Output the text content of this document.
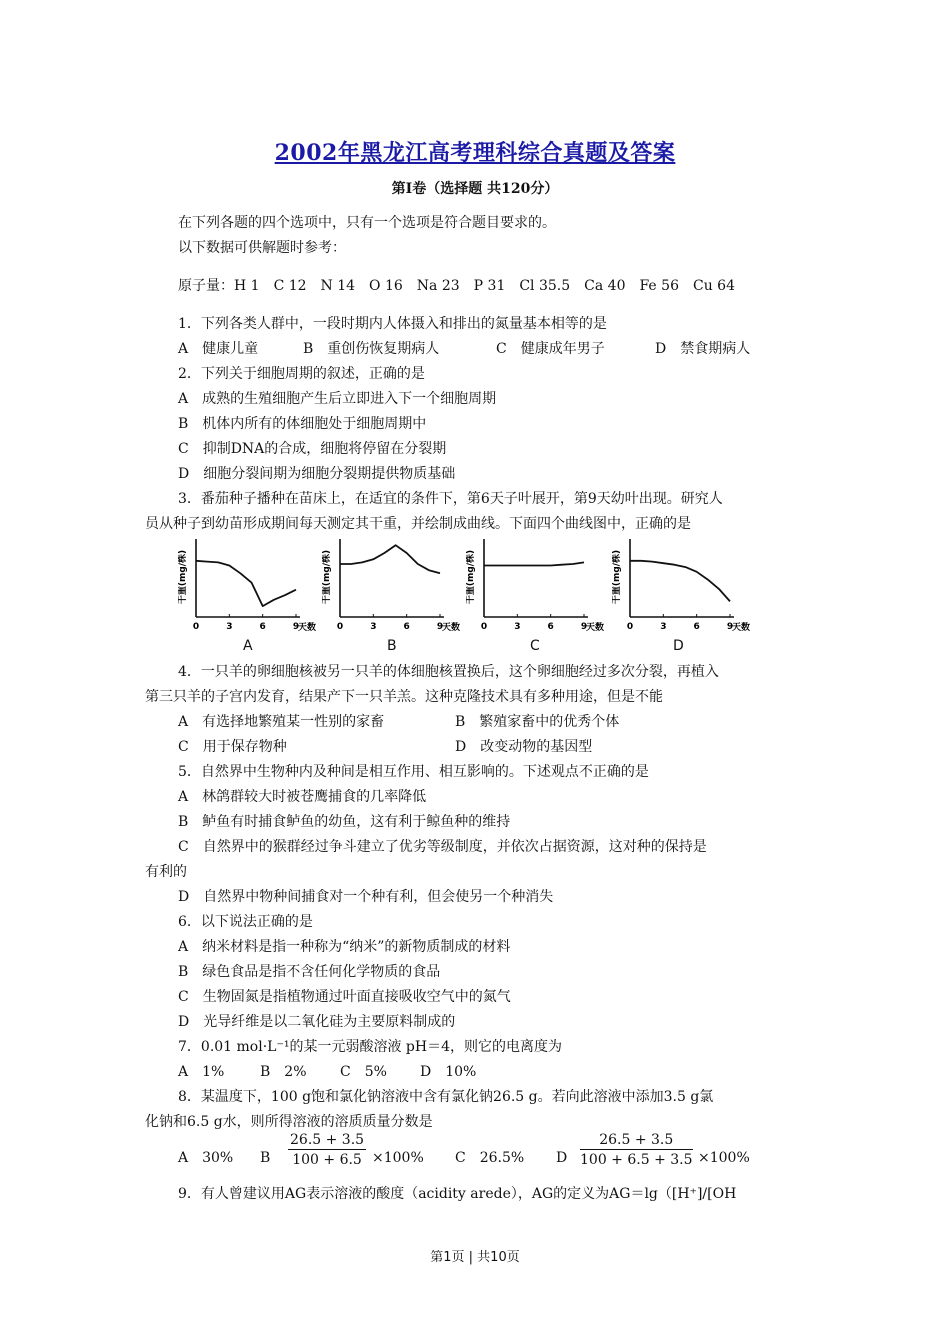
2002年黑龙江高考理科综合真题及答案
第Ⅰ卷（选择题 共120分）
在下列各题的四个选项中，只有一个选项是符合题目要求的。
以下数据可供解题时参考：
原子量：H 1　C 12　N 14　O 16　Na 23　P 31　Cl 35.5　Ca 40　Fe 56　Cu 64
1．下列各类人群中，一段时期内人体摄入和排出的氮量基本相等的是
A　健康儿童	B　重创伤恢复期病人	C　健康成年男子	D　禁食期病人
2．下列关于细胞周期的叙述，正确的是
A　成熟的生殖细胞产生后立即进入下一个细胞周期
B　机体内所有的体细胞处于细胞周期中
C　抑制DNA的合成，细胞将停留在分裂期
D　细胞分裂间期为细胞分裂期提供物质基础
3．番茄种子播种在苗床上，在适宜的条件下，第6天子叶展开，第9天幼叶出现。研究人
员从种子到幼苗形成期间每天测定其干重，并绘制成曲线。下面四个曲线图中，正确的是
干重(mg/株)
0	3	6	9
天数
干重(mg/株)
0	3	6	9
天数
干重(mg/株)
0	3	6	9
天数
干重(mg/株)
0	3	6	9
天数
A	B	C	D
4．一只羊的卵细胞核被另一只羊的体细胞核置换后，这个卵细胞经过多次分裂，再植入
第三只羊的子宫内发育，结果产下一只羊羔。这种克隆技术具有多种用途，但是不能
A　有选择地繁殖某一性别的家畜	B　繁殖家畜中的优秀个体
C　用于保存物种	D　改变动物的基因型
5．自然界中生物种内及种间是相互作用、相互影响的。下述观点不正确的是
A　林鸽群较大时被苍鹰捕食的几率降低
B　鲈鱼有时捕食鲈鱼的幼鱼，这有利于鲸鱼种的维持
C　自然界中的猴群经过争斗建立了优劣等级制度，并依次占据资源，这对种的保持是
有利的
D　自然界中物种间捕食对一个种有利，但会使另一个种消失
6．以下说法正确的是
A　纳米材料是指一种称为“纳米”的新物质制成的材料
B　绿色食品是指不含任何化学物质的食品
C　生物固氮是指植物通过叶面直接吸收空气中的氮气
D　光导纤维是以二氧化硅为主要原料制成的
7．0.01 mol·L⁻¹的某一元弱酸溶液 pH＝4，则它的电离度为
A　1%	B　2% C　5% D　10%
8．某温度下，100 g饱和氯化钠溶液中含有氯化钠26.5 g。若向此溶液中添加3.5 g氯
化钠和6.5 g水，则所得溶液的溶质质量分数是
A　30% B $\frac{26.5 + 3.5}{100 + 6.5} \times 100\%$ C　26.5% D $\frac{26.5 + 3.5}{100 + 6.5 + 3.5} \times 100\%$
9．有人曾建议用AG表示溶液的酸度（acidity arede），AG的定义为AG＝lg（[H⁺]/[OH
第1页 | 共10页
